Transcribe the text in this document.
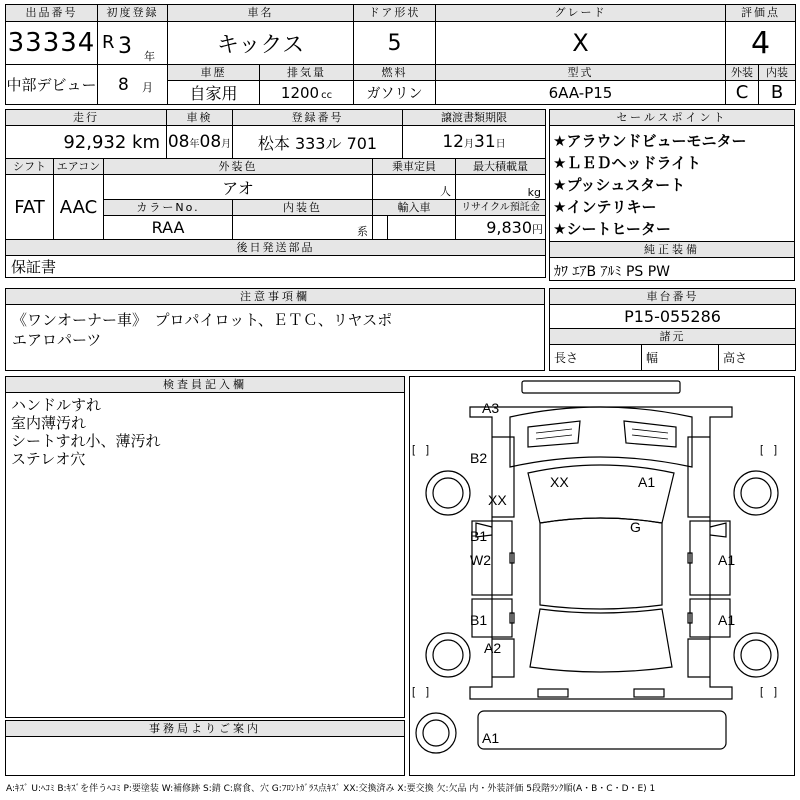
出品番号	初度登録	車名		ドア形状	グレード	評価点	
33334	R 3 年	キックス		5	X	4	
中部デビュー	8 月	車歴	排気量	燃料	型式	外装	内装
		自家用	1200 cc	ガソリン	6AA-P15	C	B
走行			車検	登録番号			譲渡書類期限	
92,932 km			08年08月	松本 333ル 701			12月31日	
シフト	エアコン	外装色			乗車定員			最大積載量
FAT	AAC	アオ			人			kg
		カラーNo.		内装色	輸入車			リサイクル預託金
		RAA		系				9,830円
後日発送部品								
保証書								
セールスポイント
★アラウンドビューモニター
★ＬＥＤヘッドライト
★プッシュスタート
★インテリキー
★シートヒーター
純正装備
ｶﾜ ｴｱB ｱﾙﾐ PS PW
注意事項欄
《ワンオーナー車》　プロパイロット、ＥＴＣ、リヤスポ
エアロパーツ
車台番号
P15-055286
諸元
長さ	幅	高さ
検査員記入欄
ハンドルすれ
室内薄汚れ
シートすれ小、薄汚れ
ステレオ穴
事務局よりご案内
A3
B2
XX
XX	A1
G
B1
W2	A1
B1	A1
A2
A1
[　]	[　]
[　]	[　]
A:ｷｽﾞ U:ﾍｺﾐ B:ｷｽﾞを伴うﾍｺﾐ P:要塗装 W:補修跡 S:錆 C:腐食、穴 G:ﾌﾛﾝﾄｶﾞﾗｽ点ｷｽﾞ XX:交換済み X:要交換 欠:欠品 内・外装評価 5段階ﾗﾝｸ順(A・B・C・D・E) 1
